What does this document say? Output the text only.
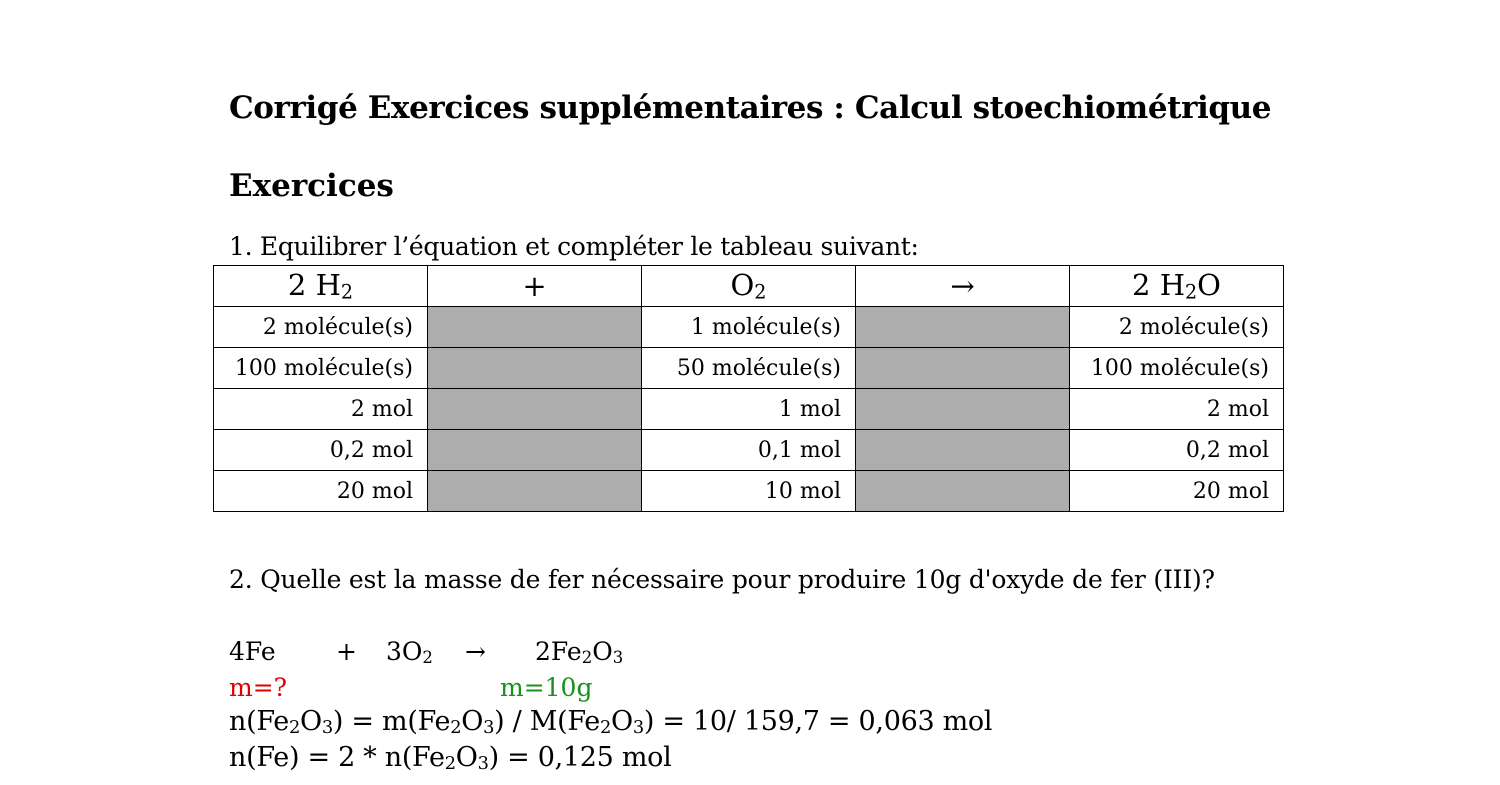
Corrigé Exercices supplémentaires : Calcul stoechiométrique
Exercices
1. Equilibrer l’équation et compléter le tableau suivant:
2 H2	+	O2	→	2 H2O
2 molécule(s)		1 molécule(s)		2 molécule(s)
100 molécule(s)		50 molécule(s)		100 molécule(s)
2 mol		1 mol		2 mol
0,2 mol		0,1 mol		0,2 mol
20 mol		10 mol		20 mol
2. Quelle est la masse de fer nécessaire pour produire 10g d'oxyde de fer (III)?
4Fe + 3O2 → 2Fe2O3
m=?	m=10g
n(Fe2O3) = m(Fe2O3) / M(Fe2O3) = 10/ 159,7 = 0,063 mol
n(Fe) = 2 * n(Fe2O3) = 0,125 mol
